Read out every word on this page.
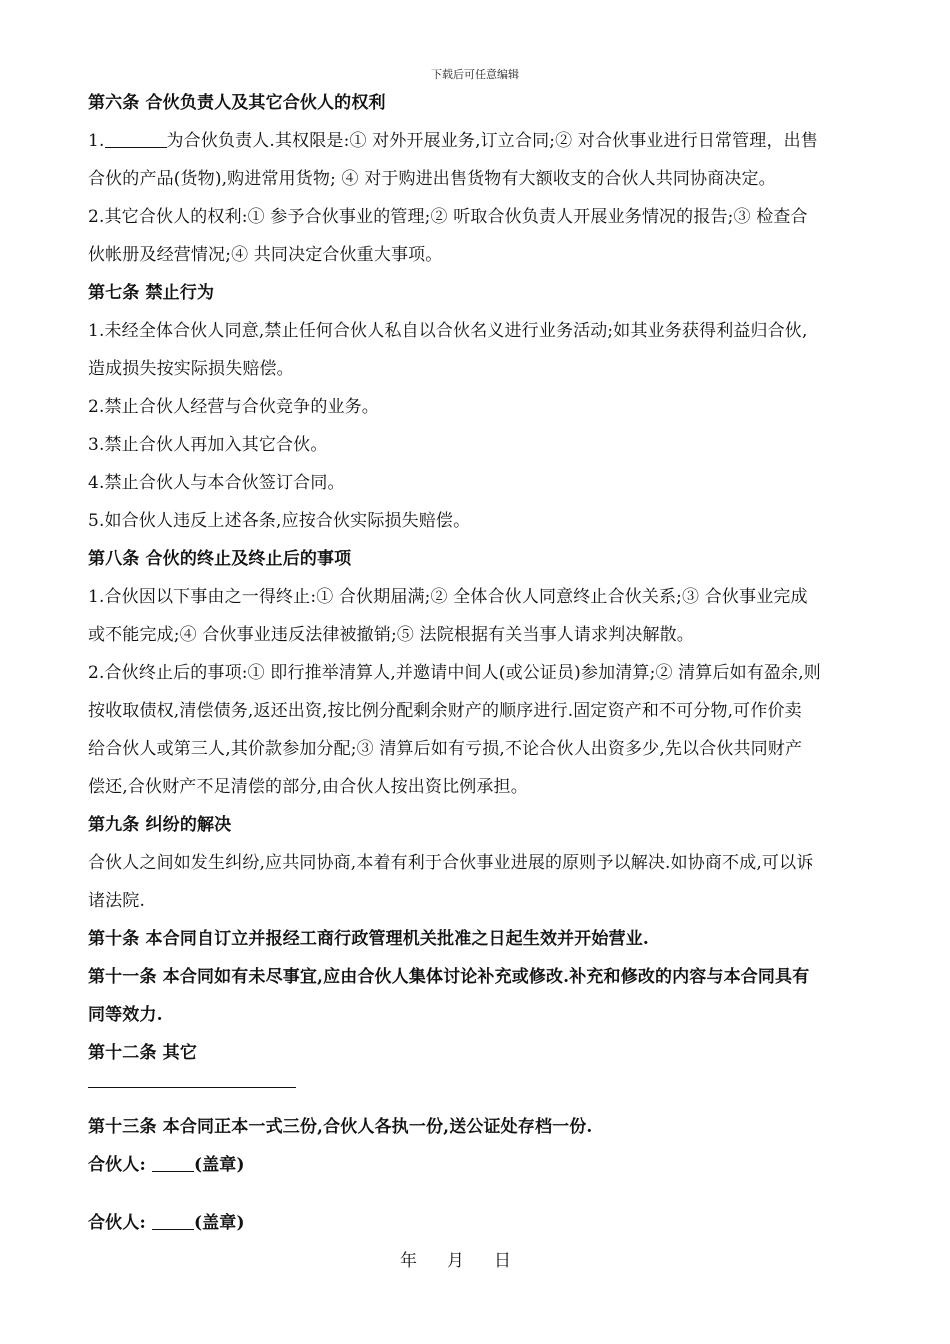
下载后可任意编辑
第六条 合伙负责人及其它合伙人的权利
1.	为合伙负责人.其权限是:① 对外开展业务,订立合同;② 对合伙事业进行日常管理，出售
合伙的产品(货物),购进常用货物; ④ 对于购进出售货物有大额收支的合伙人共同协商决定。
2.其它合伙人的权利:① 参予合伙事业的管理;② 听取合伙负责人开展业务情况的报告;③ 检查合
伙帐册及经营情况;④ 共同决定合伙重大事项。
第七条 禁止行为
1.未经全体合伙人同意,禁止任何合伙人私自以合伙名义进行业务活动;如其业务获得利益归合伙,
造成损失按实际损失赔偿。
2.禁止合伙人经营与合伙竞争的业务。
3.禁止合伙人再加入其它合伙。
4.禁止合伙人与本合伙签订合同。
5.如合伙人违反上述各条,应按合伙实际损失赔偿。
第八条 合伙的终止及终止后的事项
1.合伙因以下事由之一得终止:① 合伙期届满;② 全体合伙人同意终止合伙关系;③ 合伙事业完成
或不能完成;④ 合伙事业违反法律被撤销;⑤ 法院根据有关当事人请求判决解散。
2.合伙终止后的事项:① 即行推举清算人,并邀请中间人(或公证员)参加清算;② 清算后如有盈余,则
按收取债权,清偿债务,返还出资,按比例分配剩余财产的顺序进行.固定资产和不可分物,可作价卖
给合伙人或第三人,其价款参加分配;③ 清算后如有亏损,不论合伙人出资多少,先以合伙共同财产
偿还,合伙财产不足清偿的部分,由合伙人按出资比例承担。
第九条 纠纷的解决
合伙人之间如发生纠纷,应共同协商,本着有利于合伙事业进展的原则予以解决.如协商不成,可以诉
诸法院.
第十条 本合同自订立并报经工商行政管理机关批准之日起生效并开始营业.
第十一条 本合同如有未尽事宜,应由合伙人集体讨论补充或修改.补充和修改的内容与本合同具有
同等效力.
第十二条 其它
第十三条 本合同正本一式三份,合伙人各执一份,送公证处存档一份.
合伙人: (盖章)
合伙人: (盖章)
年 月 日
